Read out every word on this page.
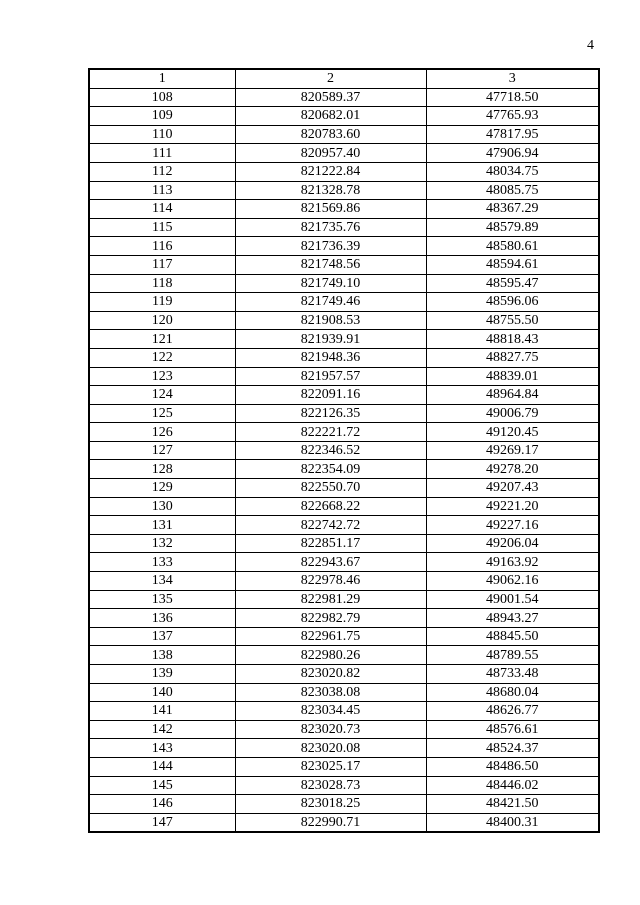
4
1	2	3
108	820589.37	47718.50
109	820682.01	47765.93
110	820783.60	47817.95
111	820957.40	47906.94
112	821222.84	48034.75
113	821328.78	48085.75
114	821569.86	48367.29
115	821735.76	48579.89
116	821736.39	48580.61
117	821748.56	48594.61
118	821749.10	48595.47
119	821749.46	48596.06
120	821908.53	48755.50
121	821939.91	48818.43
122	821948.36	48827.75
123	821957.57	48839.01
124	822091.16	48964.84
125	822126.35	49006.79
126	822221.72	49120.45
127	822346.52	49269.17
128	822354.09	49278.20
129	822550.70	49207.43
130	822668.22	49221.20
131	822742.72	49227.16
132	822851.17	49206.04
133	822943.67	49163.92
134	822978.46	49062.16
135	822981.29	49001.54
136	822982.79	48943.27
137	822961.75	48845.50
138	822980.26	48789.55
139	823020.82	48733.48
140	823038.08	48680.04
141	823034.45	48626.77
142	823020.73	48576.61
143	823020.08	48524.37
144	823025.17	48486.50
145	823028.73	48446.02
146	823018.25	48421.50
147	822990.71	48400.31
